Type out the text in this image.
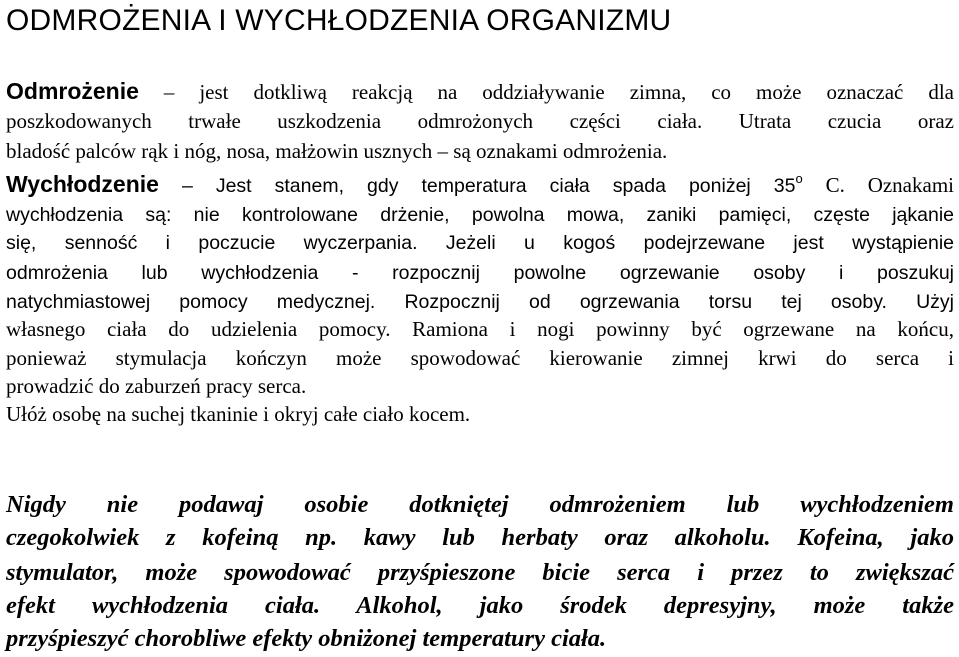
ODMROŻENIA I WYCHŁODZENIA ORGANIZMU
Odmrożenie – jest dotkliwą reakcją na oddziaływanie zimna, co może oznaczać dla
poszkodowanych trwałe uszkodzenia odmrożonych części ciała. Utrata czucia oraz
bladość palców rąk i nóg, nosa, małżowin usznych – są oznakami odmrożenia.
Wychłodzenie – Jest stanem, gdy temperatura ciała spada poniżej 35$^o$ C. Oznakami
wychłodzenia są: nie kontrolowane drżenie, powolna mowa, zaniki pamięci, częste jąkanie
się, senność i poczucie wyczerpania. Jeżeli u kogoś podejrzewane jest wystąpienie
odmrożenia lub wychłodzenia - rozpocznij powolne ogrzewanie osoby i poszukuj
natychmiastowej pomocy medycznej. Rozpocznij od ogrzewania torsu tej osoby. Użyj
własnego ciała do udzielenia pomocy. Ramiona i nogi powinny być ogrzewane na końcu,
ponieważ stymulacja kończyn może spowodować kierowanie zimnej krwi do serca i
prowadzić do zaburzeń pracy serca.
Ułóż osobę na suchej tkaninie i okryj całe ciało kocem.
Nigdy nie podawaj osobie dotkniętej odmrożeniem lub wychłodzeniem
czegokolwiek z kofeiną np. kawy lub herbaty oraz alkoholu. Kofeina, jako
stymulator, może spowodować przyśpieszone bicie serca i przez to zwiększać
efekt wychłodzenia ciała. Alkohol, jako środek depresyjny, może także
przyśpieszyć chorobliwe efekty obniżonej temperatury ciała.
